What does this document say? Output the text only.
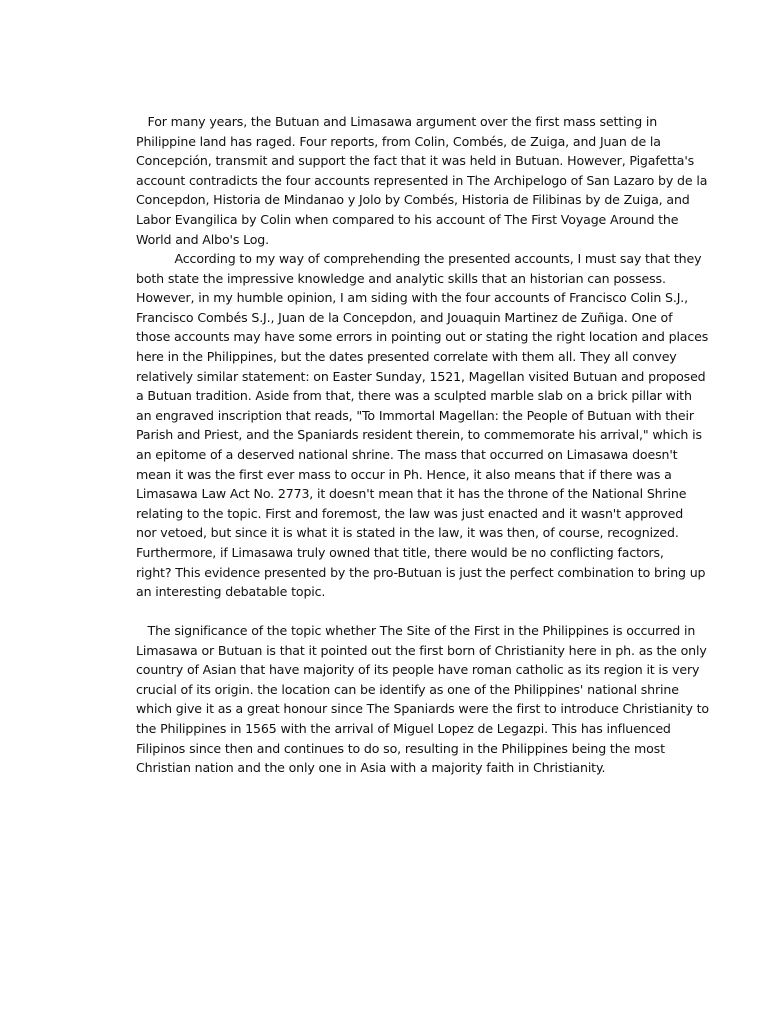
For many years, the Butuan and Limasawa argument over the first mass setting in
Philippine land has raged. Four reports, from Colin, Combés, de Zuiga, and Juan de la
Concepción, transmit and support the fact that it was held in Butuan. However, Pigafetta's
account contradicts the four accounts represented in The Archipelogo of San Lazaro by de la
Concepdon, Historia de Mindanao y Jolo by Combés, Historia de Filibinas by de Zuiga, and
Labor Evangilica by Colin when compared to his account of The First Voyage Around the
World and Albo's Log.
According to my way of comprehending the presented accounts, I must say that they
both state the impressive knowledge and analytic skills that an historian can possess.
However, in my humble opinion, I am siding with the four accounts of Francisco Colin S.J.,
Francisco Combés S.J., Juan de la Concepdon, and Jouaquin Martinez de Zuñiga. One of
those accounts may have some errors in pointing out or stating the right location and places
here in the Philippines, but the dates presented correlate with them all. They all convey
relatively similar statement: on Easter Sunday, 1521, Magellan visited Butuan and proposed
a Butuan tradition. Aside from that, there was a sculpted marble slab on a brick pillar with
an engraved inscription that reads, "To Immortal Magellan: the People of Butuan with their
Parish and Priest, and the Spaniards resident therein, to commemorate his arrival," which is
an epitome of a deserved national shrine. The mass that occurred on Limasawa doesn't
mean it was the first ever mass to occur in Ph. Hence, it also means that if there was a
Limasawa Law Act No. 2773, it doesn't mean that it has the throne of the National Shrine
relating to the topic. First and foremost, the law was just enacted and it wasn't approved
nor vetoed, but since it is what it is stated in the law, it was then, of course, recognized.
Furthermore, if Limasawa truly owned that title, there would be no conflicting factors,
right? This evidence presented by the pro-Butuan is just the perfect combination to bring up
an interesting debatable topic.
The significance of the topic whether The Site of the First in the Philippines is occurred in
Limasawa or Butuan is that it pointed out the first born of Christianity here in ph. as the only
country of Asian that have majority of its people have roman catholic as its region it is very
crucial of its origin. the location can be identify as one of the Philippines' national shrine
which give it as a great honour since The Spaniards were the first to introduce Christianity to
the Philippines in 1565 with the arrival of Miguel Lopez de Legazpi. This has influenced
Filipinos since then and continues to do so, resulting in the Philippines being the most
Christian nation and the only one in Asia with a majority faith in Christianity.
